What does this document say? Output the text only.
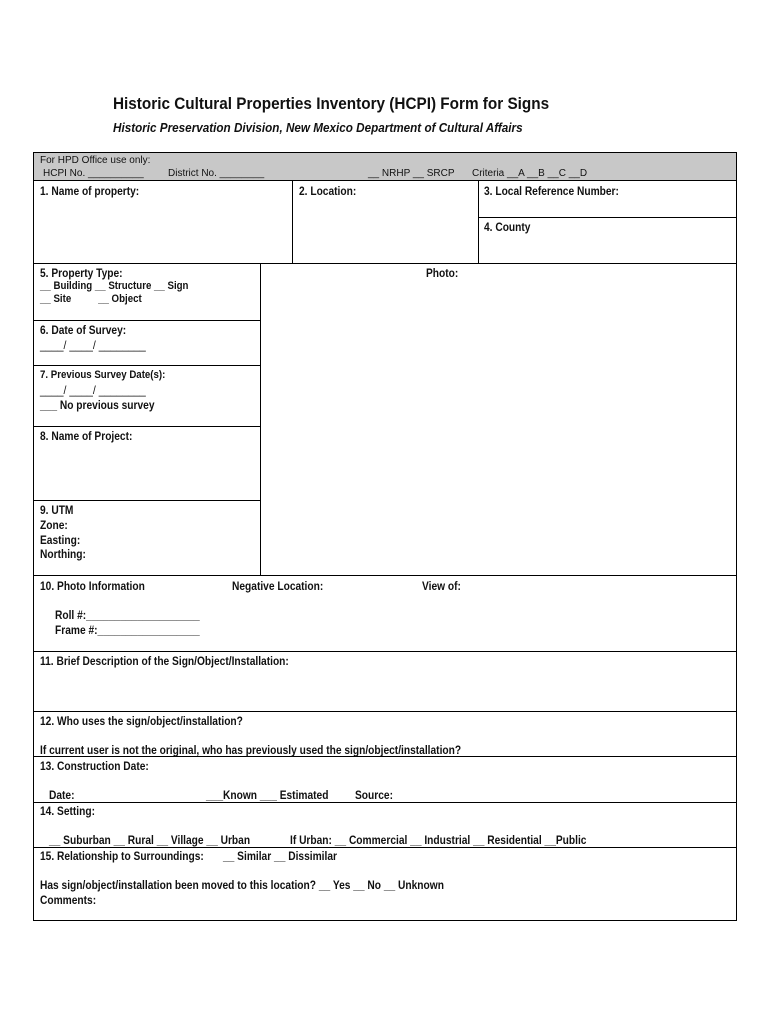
Historic Cultural Properties Inventory (HCPI) Form for Signs
Historic Preservation Division, New Mexico Department of Cultural Affairs
For HPD Office use only:
HCPI No. __________ District No. ________	__ NRHP __ SRCP Criteria __A __B __C __D
1. Name of property:	2. Location:	3. Local Reference Number:
4. County
5. Property Type:
__ Building __ Structure __ Sign
__ Site          __ Object
Photo:
6. Date of Survey:
____/ ____/ ________
7. Previous Survey Date(s):
____/ ____/ ________
___ No previous survey
8. Name of Project:
9. UTM
Zone:
Easting:
Northing:
10. Photo Information	Negative Location:	View of:
Roll #:____________________
Frame #:__________________
11. Brief Description of the Sign/Object/Installation:
12. Who uses the sign/object/installation?
If current user is not the original, who has previously used the sign/object/installation?
13. Construction Date:
Date:	___Known ___ Estimated Source:
14. Setting:
__ Suburban __ Rural __ Village __ Urban	If Urban: __ Commercial __ Industrial __ Residential __Public
15. Relationship to Surroundings: __ Similar __ Dissimilar
Has sign/object/installation been moved to this location? __ Yes __ No __ Unknown
Comments:
